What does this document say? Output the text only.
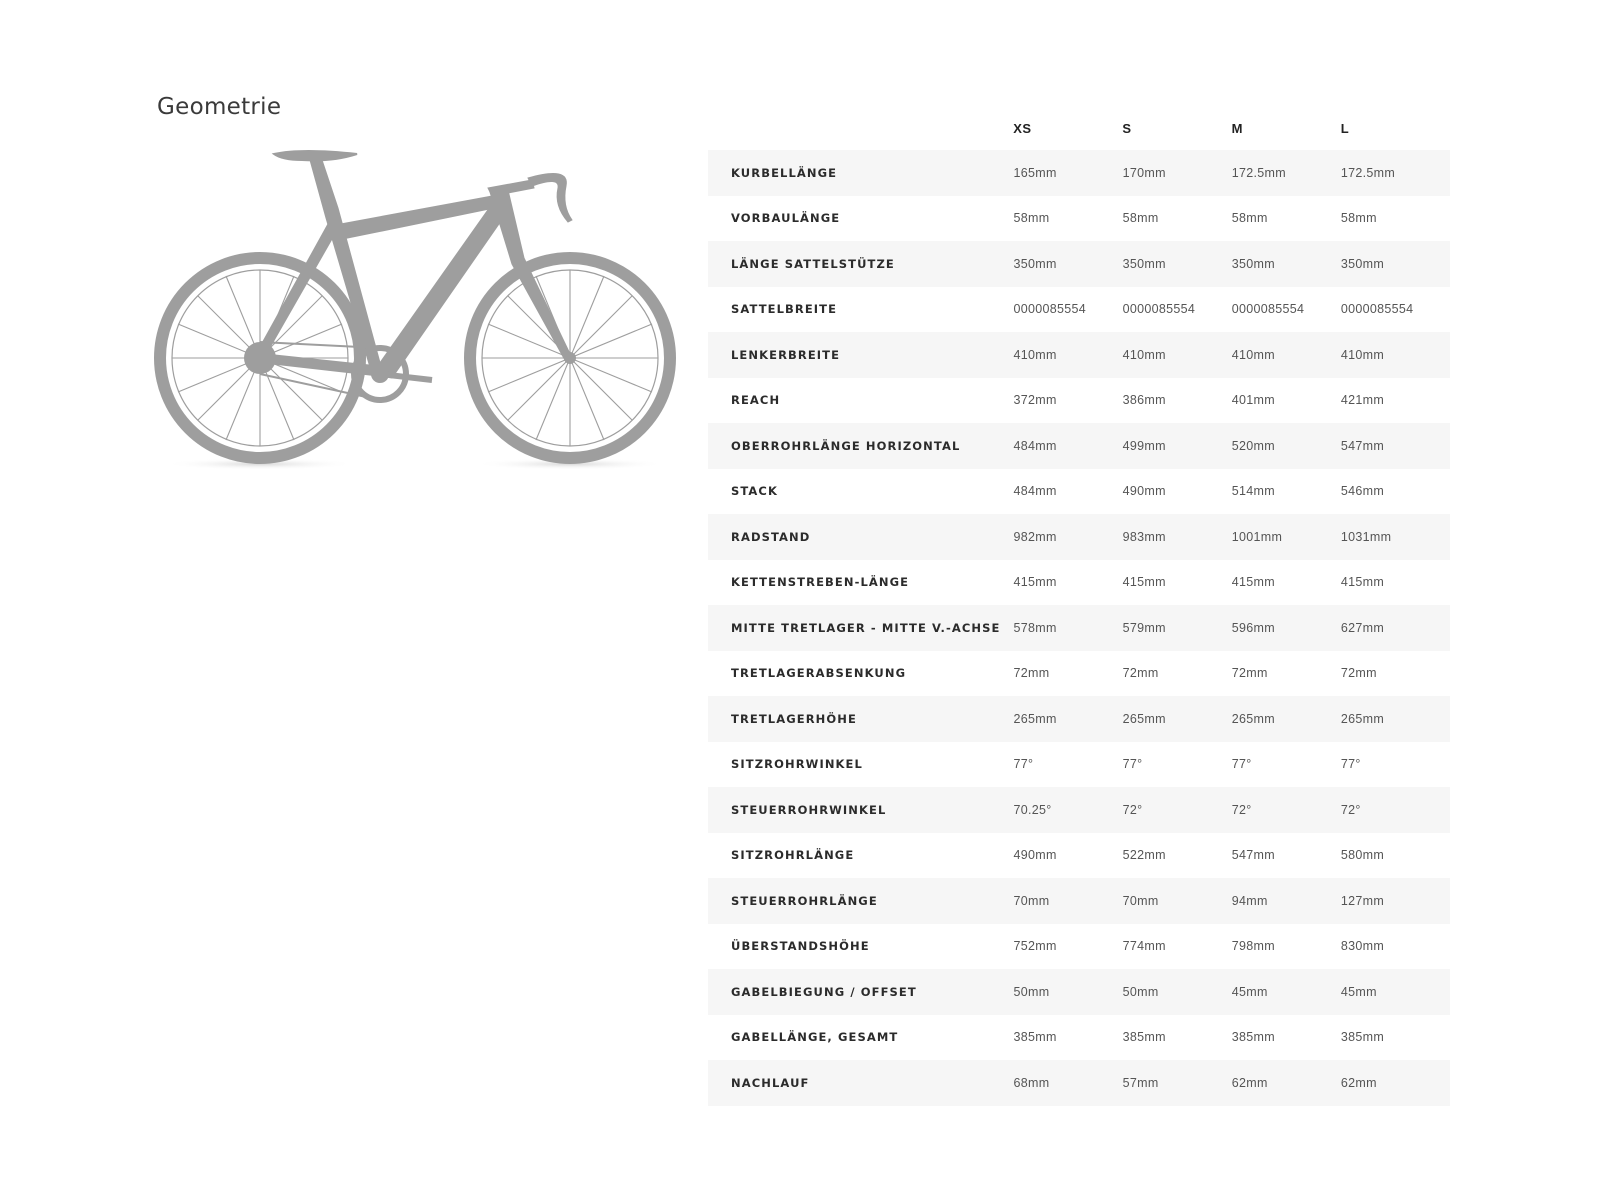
Geometrie
XS	S	M	L
KURBELLÄNGE	165mm	170mm	172.5mm	172.5mm
VORBAULÄNGE	58mm	58mm	58mm	58mm
LÄNGE SATTELSTÜTZE	350mm	350mm	350mm	350mm
SATTELBREITE	0000085554	0000085554	0000085554	0000085554
LENKERBREITE	410mm	410mm	410mm	410mm
REACH	372mm	386mm	401mm	421mm
OBERROHRLÄNGE HORIZONTAL	484mm	499mm	520mm	547mm
STACK	484mm	490mm	514mm	546mm
RADSTAND	982mm	983mm	1001mm	1031mm
KETTENSTREBEN-LÄNGE	415mm	415mm	415mm	415mm
MITTE TRETLAGER - MITTE V.-ACHSE	578mm	579mm	596mm	627mm
TRETLAGERABSENKUNG	72mm	72mm	72mm	72mm
TRETLAGERHÖHE	265mm	265mm	265mm	265mm
SITZROHRWINKEL	77°	77°	77°	77°
STEUERROHRWINKEL	70.25°	72°	72°	72°
SITZROHRLÄNGE	490mm	522mm	547mm	580mm
STEUERROHRLÄNGE	70mm	70mm	94mm	127mm
ÜBERSTANDSHÖHE	752mm	774mm	798mm	830mm
GABELBIEGUNG / OFFSET	50mm	50mm	45mm	45mm
GABELLÄNGE, GESAMT	385mm	385mm	385mm	385mm
NACHLAUF	68mm	57mm	62mm	62mm
